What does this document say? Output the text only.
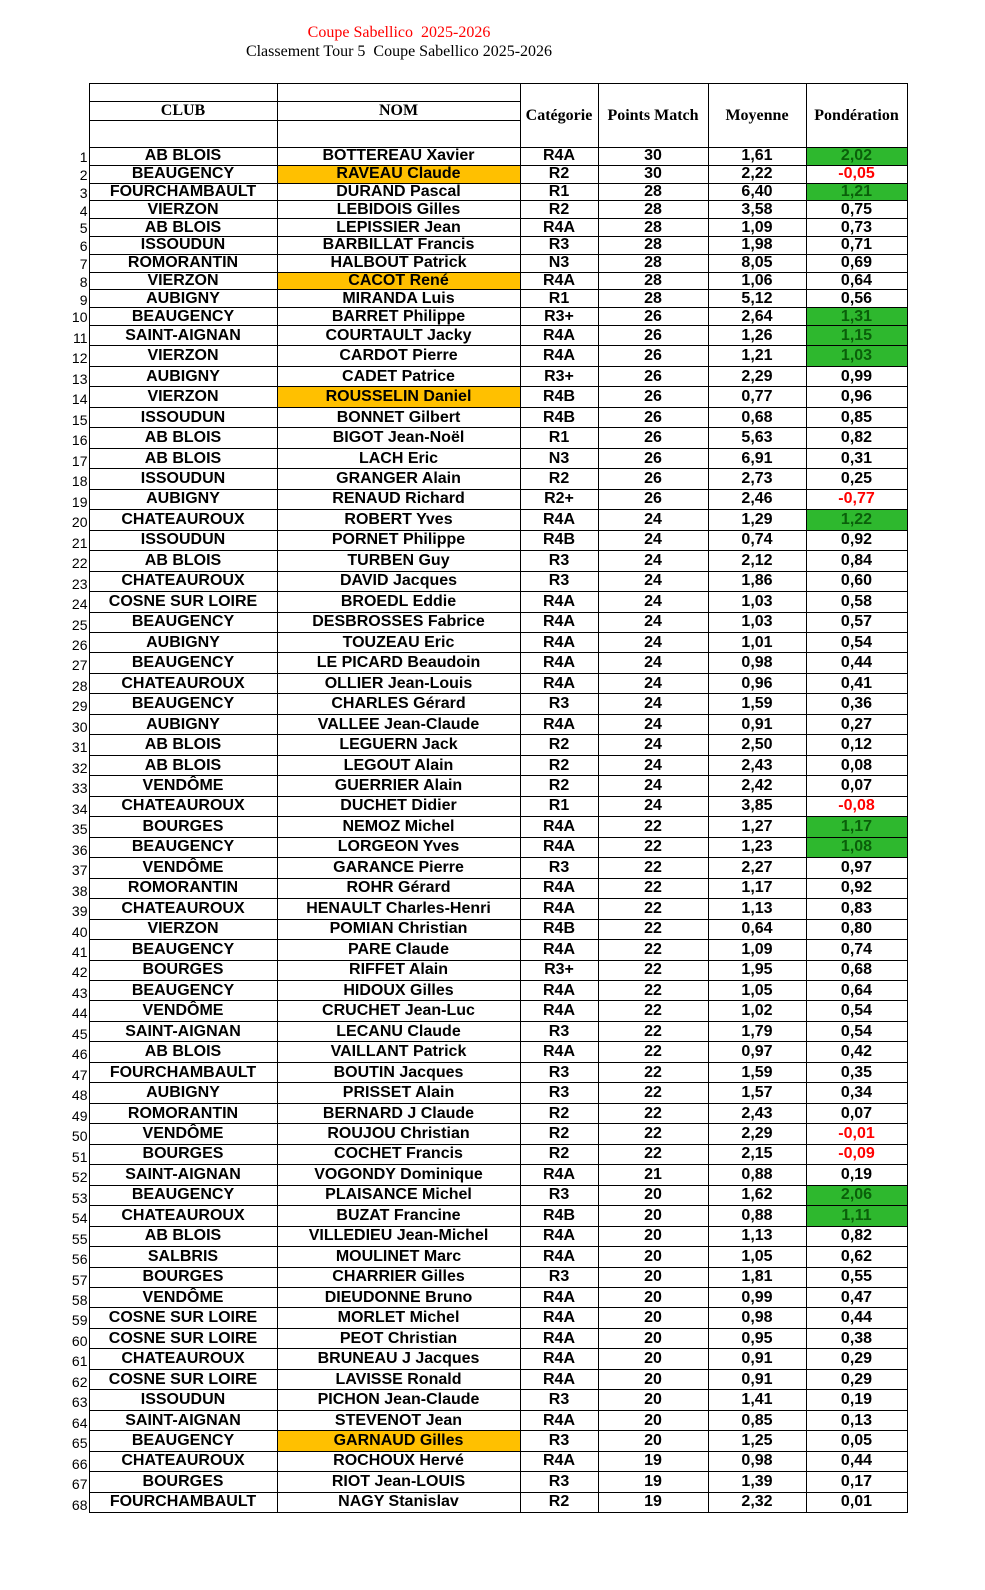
Coupe Sabellico  2025-2026
Classement Tour 5  Coupe Sabellico 2025-2026
			Catégorie	Points Match	Moyenne	Pondération
	CLUB	NOM				

1	AB BLOIS	BOTTEREAU Xavier	R4A	30	1,61	2,02
2	BEAUGENCY	RAVEAU Claude	R2	30	2,22	-0,05
3	FOURCHAMBAULT	DURAND Pascal	R1	28	6,40	1,21
4	VIERZON	LEBIDOIS Gilles	R2	28	3,58	0,75
5	AB BLOIS	LEPISSIER Jean	R4A	28	1,09	0,73
6	ISSOUDUN	BARBILLAT Francis	R3	28	1,98	0,71
7	ROMORANTIN	HALBOUT Patrick	N3	28	8,05	0,69
8	VIERZON	CACOT René	R4A	28	1,06	0,64
9	AUBIGNY	MIRANDA Luis	R1	28	5,12	0,56
10	BEAUGENCY	BARRET Philippe	R3+	26	2,64	1,31
11	SAINT-AIGNAN	COURTAULT Jacky	R4A	26	1,26	1,15
12	VIERZON	CARDOT Pierre	R4A	26	1,21	1,03
13	AUBIGNY	CADET Patrice	R3+	26	2,29	0,99
14	VIERZON	ROUSSELIN Daniel	R4B	26	0,77	0,96
15	ISSOUDUN	BONNET Gilbert	R4B	26	0,68	0,85
16	AB BLOIS	BIGOT Jean-Noël	R1	26	5,63	0,82
17	AB BLOIS	LACH Eric	N3	26	6,91	0,31
18	ISSOUDUN	GRANGER Alain	R2	26	2,73	0,25
19	AUBIGNY	RENAUD Richard	R2+	26	2,46	-0,77
20	CHATEAUROUX	ROBERT Yves	R4A	24	1,29	1,22
21	ISSOUDUN	PORNET Philippe	R4B	24	0,74	0,92
22	AB BLOIS	TURBEN Guy	R3	24	2,12	0,84
23	CHATEAUROUX	DAVID Jacques	R3	24	1,86	0,60
24	COSNE SUR LOIRE	BROEDL Eddie	R4A	24	1,03	0,58
25	BEAUGENCY	DESBROSSES Fabrice	R4A	24	1,03	0,57
26	AUBIGNY	TOUZEAU Eric	R4A	24	1,01	0,54
27	BEAUGENCY	LE PICARD Beaudoin	R4A	24	0,98	0,44
28	CHATEAUROUX	OLLIER Jean-Louis	R4A	24	0,96	0,41
29	BEAUGENCY	CHARLES Gérard	R3	24	1,59	0,36
30	AUBIGNY	VALLEE Jean-Claude	R4A	24	0,91	0,27
31	AB BLOIS	LEGUERN Jack	R2	24	2,50	0,12
32	AB BLOIS	LEGOUT Alain	R2	24	2,43	0,08
33	VENDÔME	GUERRIER Alain	R2	24	2,42	0,07
34	CHATEAUROUX	DUCHET Didier	R1	24	3,85	-0,08
35	BOURGES	NEMOZ Michel	R4A	22	1,27	1,17
36	BEAUGENCY	LORGEON Yves	R4A	22	1,23	1,08
37	VENDÔME	GARANCE Pierre	R3	22	2,27	0,97
38	ROMORANTIN	ROHR Gérard	R4A	22	1,17	0,92
39	CHATEAUROUX	HENAULT Charles-Henri	R4A	22	1,13	0,83
40	VIERZON	POMIAN Christian	R4B	22	0,64	0,80
41	BEAUGENCY	PARE Claude	R4A	22	1,09	0,74
42	BOURGES	RIFFET Alain	R3+	22	1,95	0,68
43	BEAUGENCY	HIDOUX Gilles	R4A	22	1,05	0,64
44	VENDÔME	CRUCHET Jean-Luc	R4A	22	1,02	0,54
45	SAINT-AIGNAN	LECANU Claude	R3	22	1,79	0,54
46	AB BLOIS	VAILLANT Patrick	R4A	22	0,97	0,42
47	FOURCHAMBAULT	BOUTIN Jacques	R3	22	1,59	0,35
48	AUBIGNY	PRISSET Alain	R3	22	1,57	0,34
49	ROMORANTIN	BERNARD J Claude	R2	22	2,43	0,07
50	VENDÔME	ROUJOU Christian	R2	22	2,29	-0,01
51	BOURGES	COCHET Francis	R2	22	2,15	-0,09
52	SAINT-AIGNAN	VOGONDY Dominique	R4A	21	0,88	0,19
53	BEAUGENCY	PLAISANCE Michel	R3	20	1,62	2,06
54	CHATEAUROUX	BUZAT Francine	R4B	20	0,88	1,11
55	AB BLOIS	VILLEDIEU Jean-Michel	R4A	20	1,13	0,82
56	SALBRIS	MOULINET Marc	R4A	20	1,05	0,62
57	BOURGES	CHARRIER Gilles	R3	20	1,81	0,55
58	VENDÔME	DIEUDONNE Bruno	R4A	20	0,99	0,47
59	COSNE SUR LOIRE	MORLET Michel	R4A	20	0,98	0,44
60	COSNE SUR LOIRE	PEOT Christian	R4A	20	0,95	0,38
61	CHATEAUROUX	BRUNEAU J Jacques	R4A	20	0,91	0,29
62	COSNE SUR LOIRE	LAVISSE Ronald	R4A	20	0,91	0,29
63	ISSOUDUN	PICHON Jean-Claude	R3	20	1,41	0,19
64	SAINT-AIGNAN	STEVENOT Jean	R4A	20	0,85	0,13
65	BEAUGENCY	GARNAUD Gilles	R3	20	1,25	0,05
66	CHATEAUROUX	ROCHOUX Hervé	R4A	19	0,98	0,44
67	BOURGES	RIOT Jean-LOUIS	R3	19	1,39	0,17
68	FOURCHAMBAULT	NAGY Stanislav	R2	19	2,32	0,01
